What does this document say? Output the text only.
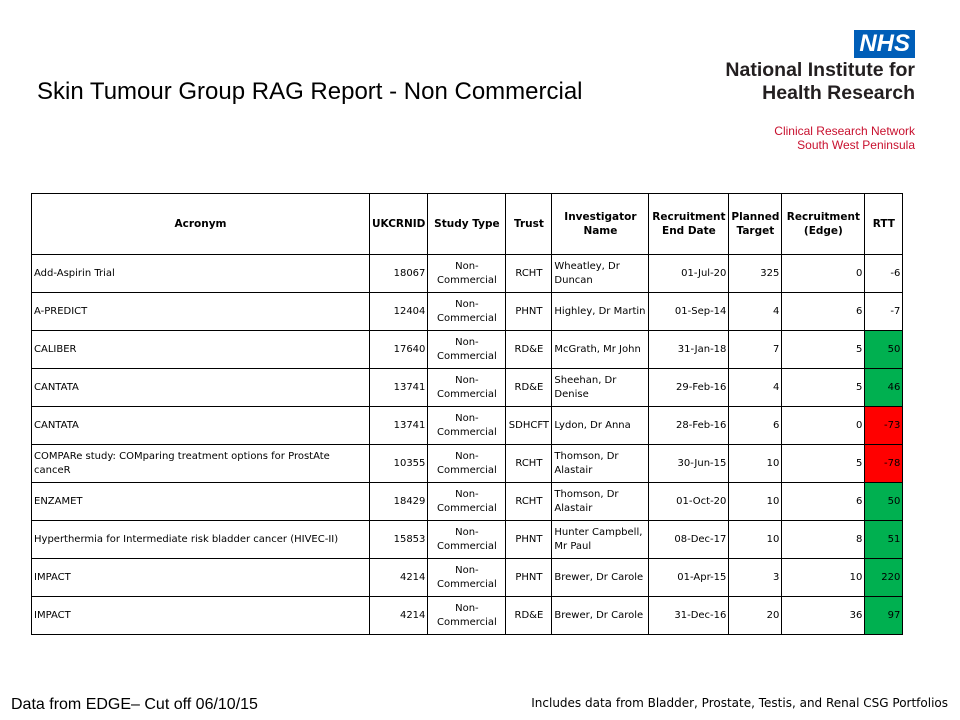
Skin Tumour Group RAG Report - Non Commercial
NHS
National Institute for
Health Research
Clinical Research Network
South West Peninsula
Acronym	UKCRNID	Study Type	Trust	Investigator Name	Recruitment End Date	Planned Target	Recruitment (Edge)	RTT
Add-Aspirin Trial	18067	Non-Commercial	RCHT	Wheatley, Dr Duncan	01-Jul-20	325	0	-6
A-PREDICT	12404	Non-Commercial	PHNT	Highley, Dr Martin	01-Sep-14	4	6	-7
CALIBER	17640	Non-Commercial	RD&E	McGrath, Mr John	31-Jan-18	7	5	50
CANTATA	13741	Non-Commercial	RD&E	Sheehan, Dr Denise	29-Feb-16	4	5	46
CANTATA	13741	Non-Commercial	SDHCFT	Lydon, Dr Anna	28-Feb-16	6	0	-73
COMPARe study: COMparing treatment options for ProstAte canceR	10355	Non-Commercial	RCHT	Thomson, Dr Alastair	30-Jun-15	10	5	-78
ENZAMET	18429	Non-Commercial	RCHT	Thomson, Dr Alastair	01-Oct-20	10	6	50
Hyperthermia for Intermediate risk bladder cancer (HIVEC-II)	15853	Non-Commercial	PHNT	Hunter Campbell, Mr Paul	08-Dec-17	10	8	51
IMPACT	4214	Non-Commercial	PHNT	Brewer, Dr Carole	01-Apr-15	3	10	220
IMPACT	4214	Non-Commercial	RD&E	Brewer, Dr Carole	31-Dec-16	20	36	97
Data from EDGE– Cut off 06/10/15	Includes data from Bladder, Prostate, Testis, and Renal CSG Portfolios
